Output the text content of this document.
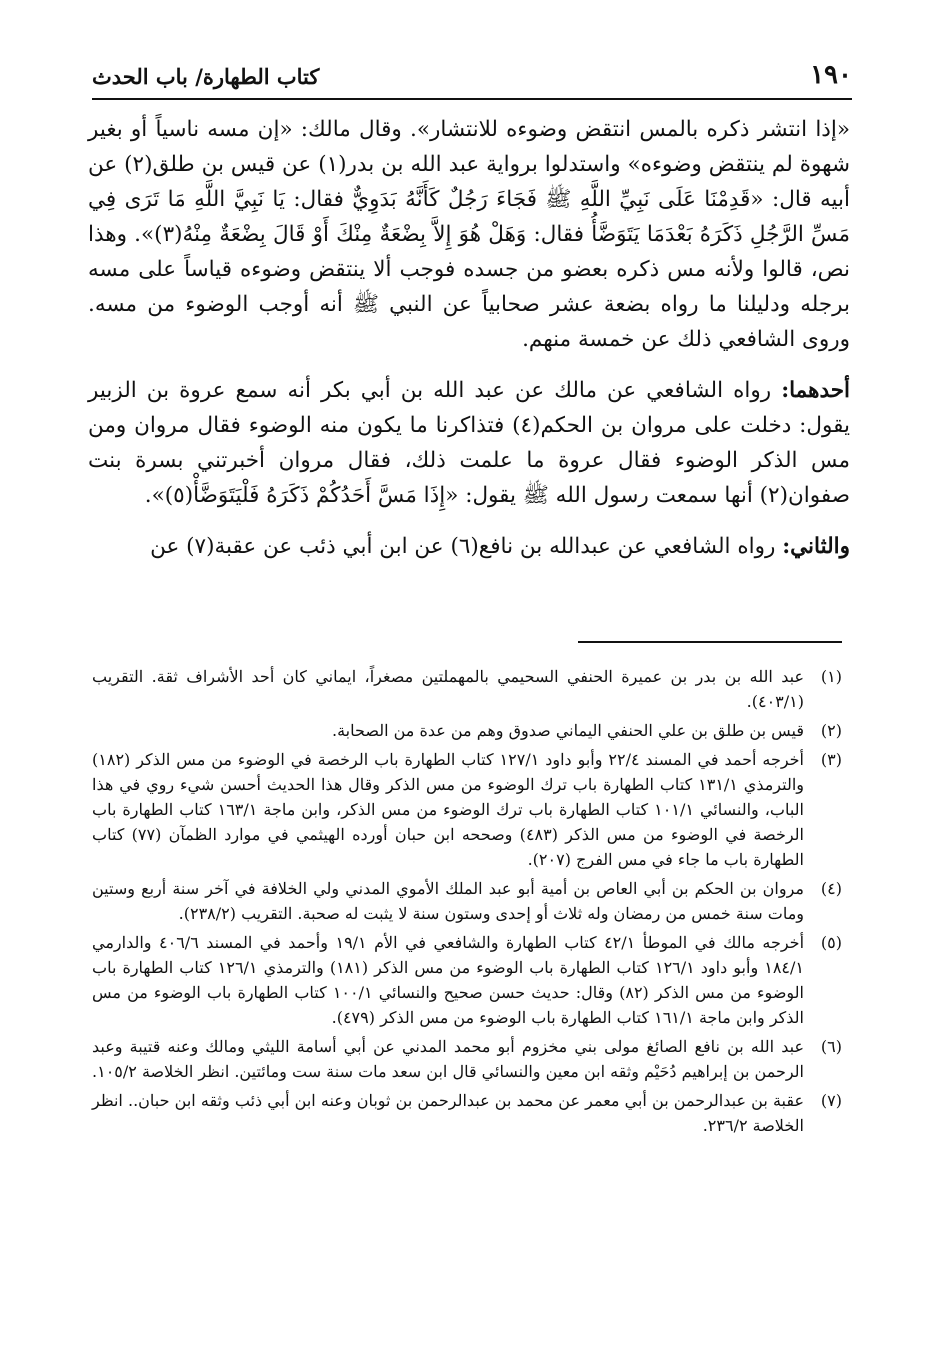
١٩٠
كتاب الطهارة/ باب الحدث

«إذا انتشر ذكره بالمس انتقض وضوءه للانتشار». وقال مالك: «إن مسه ناسياً أو بغير شهوة لم ينتقض وضوءه» واستدلوا برواية عبد الله بن بدر(١) عن قيس بن طلق(٢) عن أبيه قال: «قَدِمْنَا عَلَى نَبِيِّ اللَّهِ ﷺ فَجَاءَ رَجُلٌ كَأَنَّهُ بَدَوِيٌّ فقال: يَا نَبِيَّ اللَّهِ مَا تَرَى فِي مَسِّ الرَّجُلِ ذَكَرَهُ بَعْدَمَا يَتَوَضَّأُ فقال: وَهَلْ هُوَ إِلاَّ بِضْعَةٌ مِنْكَ أَوْ قَالَ بِضْعَةٌ مِنْهُ(٣)». وهذا نص، قالوا ولأنه مس ذكره بعضو من جسده فوجب ألا ينتقض وضوءه قياساً على مسه برجله ودليلنا ما رواه بضعة عشر صحابياً عن النبي ﷺ أنه أوجب الوضوء من مسه. وروى الشافعي ذلك عن خمسة منهم.

أحدهما: رواه الشافعي عن مالك عن عبد الله بن أبي بكر أنه سمع عروة بن الزبير يقول: دخلت على مروان بن الحكم(٤) فتذاكرنا ما يكون منه الوضوء فقال مروان ومن مس الذكر الوضوء فقال عروة ما علمت ذلك، فقال مروان أخبرتني بسرة بنت صفوان(٢) أنها سمعت رسول الله ﷺ يقول: «إِذَا مَسَّ أَحَدُكُمْ ذَكَرَهُ فَلْيَتَوَضَّأْ(٥)».

والثاني: رواه الشافعي عن عبدالله بن نافع(٦) عن ابن أبي ذئب عن عقبة(٧) عن

(١)
عبد الله بن بدر بن عميرة الحنفي السحيمي بالمهملتين مصغراً، ايماني كان أحد الأشراف ثقة. التقريب (٤٠٣/١).
(٢)
قيس بن طلق بن علي الحنفي اليماني صدوق وهم من عدة من الصحابة.
(٣)
أخرجه أحمد في المسند ٢٢/٤ وأبو داود ١٢٧/١ كتاب الطهارة باب الرخصة في الوضوء من مس الذكر (١٨٢) والترمذي ١٣١/١ كتاب الطهارة باب ترك الوضوء من مس الذكر وقال هذا الحديث أحسن شيء روي في هذا الباب، والنسائي ١٠١/١ كتاب الطهارة باب ترك الوضوء من مس الذكر، وابن ماجة ١٦٣/١ كتاب الطهارة باب الرخصة في الوضوء من مس الذكر (٤٨٣) وصححه ابن حبان أورده الهيثمي في موارد الظمآن (٧٧) كتاب الطهارة باب ما جاء في مس الفرج (٢٠٧).
(٤)
مروان بن الحكم بن أبي العاص بن أمية أبو عبد الملك الأموي المدني ولي الخلافة في آخر سنة أربع وستين ومات سنة خمس من رمضان وله ثلاث أو إحدى وستون سنة لا يثبت له صحبة. التقريب (٢٣٨/٢).
(٥)
أخرجه مالك في الموطأ ٤٢/١ كتاب الطهارة والشافعي في الأم ١٩/١ وأحمد في المسند ٤٠٦/٦ والدارمي ١٨٤/١ وأبو داود ١٢٦/١ كتاب الطهارة باب الوضوء من مس الذكر (١٨١) والترمذي ١٢٦/١ كتاب الطهارة باب الوضوء من مس الذكر (٨٢) وقال: حديث حسن صحيح والنسائي ١٠٠/١ كتاب الطهارة باب الوضوء من مس الذكر وابن ماجة ١٦١/١ كتاب الطهارة باب الوضوء من مس الذكر (٤٧٩).
(٦)
عبد الله بن نافع الصائغ مولى بني مخزوم أبو محمد المدني عن أبي أسامة الليثي ومالك وعنه قتيبة وعبد الرحمن بن إبراهيم دُحَيْم وثقه ابن معين والنسائي قال ابن سعد مات سنة ست ومائتين. انظر الخلاصة ١٠٥/٢.
(٧)
عقبة بن عبدالرحمن بن أبي معمر عن محمد بن عبدالرحمن بن ثوبان وعنه ابن أبي ذئب وثقه ابن حبان.. انظر الخلاصة ٢٣٦/٢.
